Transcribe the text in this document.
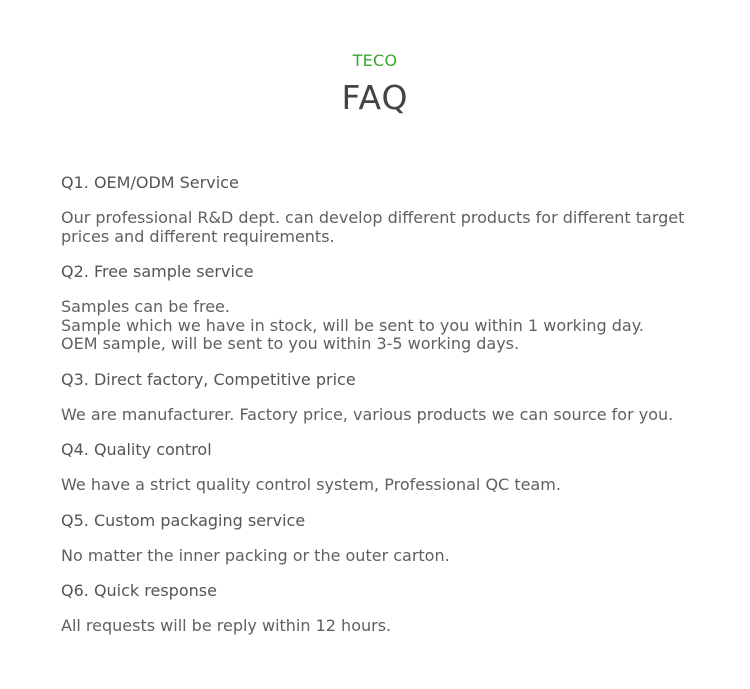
TECO
FAQ

Q1. OEM/ODM Service

Our professional R&D dept. can develop different products for different target prices and different requirements.

Q2. Free sample service

Samples can be free.
Sample which we have in stock, will be sent to you within 1 working day.
OEM sample, will be sent to you within 3-5 working days.

Q3. Direct factory, Competitive price

We are manufacturer. Factory price, various products we can source for you.

Q4. Quality control

We have a strict quality control system, Professional QC team.

Q5. Custom packaging service

No matter the inner packing or the outer carton.

Q6. Quick response

All requests will be reply within 12 hours.
